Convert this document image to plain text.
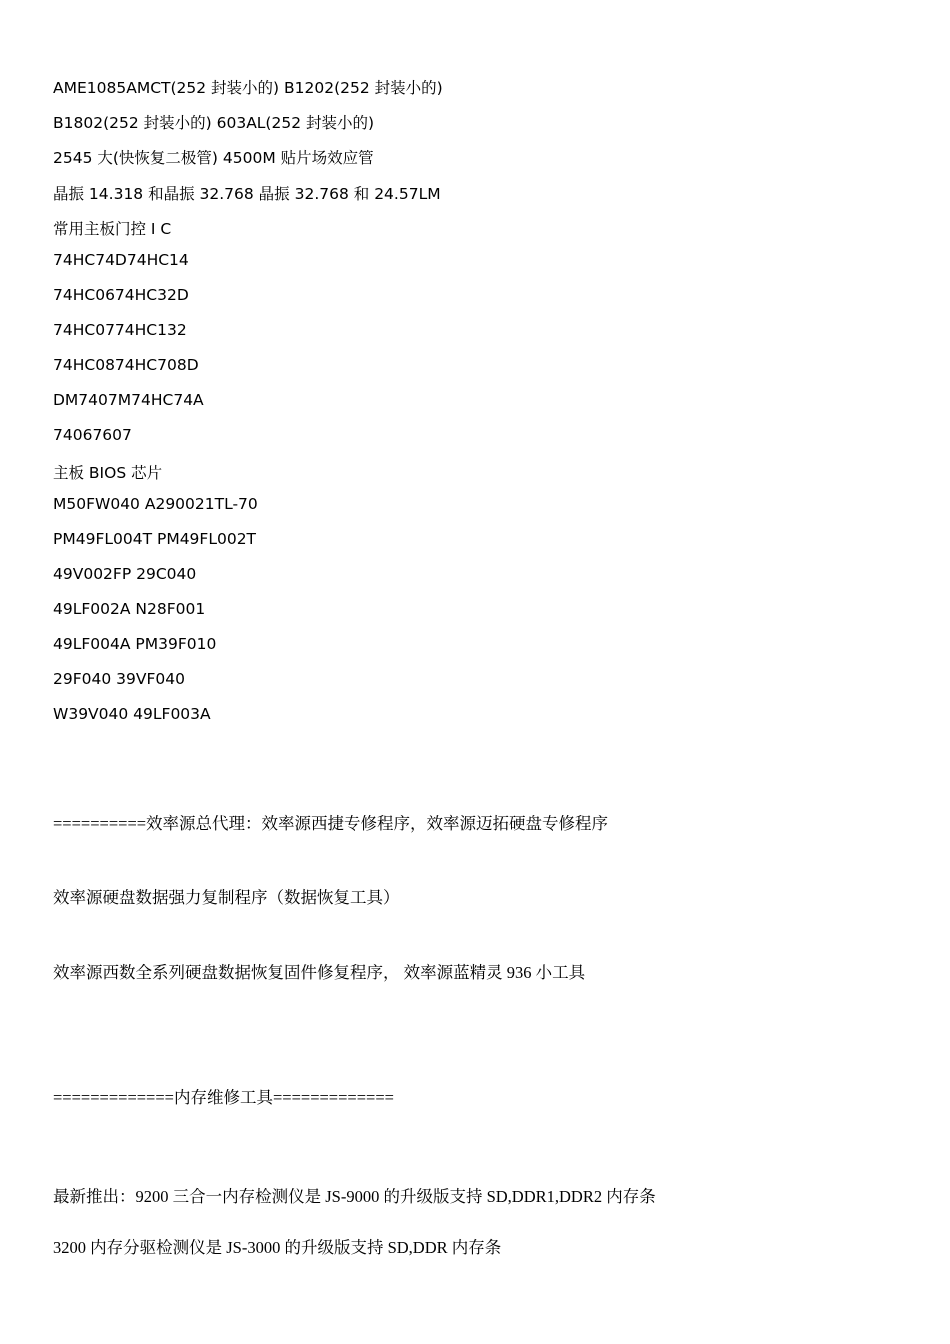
AME1085AMCT(252 封装小的) B1202(252 封装小的)
B1802(252 封装小的) 603AL(252 封装小的)
2545 大(快恢复二极管) 4500M 贴片场效应管
晶振 14.318 和晶振 32.768 晶振 32.768 和 24.57LM
常用主板门控 I C
74HC74D74HC14
74HC0674HC32D
74HC0774HC132
74HC0874HC708D
DM7407M74HC74A
74067607
主板 BIOS 芯片
M50FW040 A290021TL-70
PM49FL004T PM49FL002T
49V002FP 29C040
49LF002A N28F001
49LF004A PM39F010
29F040 39VF040
W39V040 49LF003A
==========效率源总代理：效率源西捷专修程序，效率源迈拓硬盘专修程序
效率源硬盘数据强力复制程序（数据恢复工具）
效率源西数全系列硬盘数据恢复固件修复程序， 效率源蓝精灵 936 小工具
=============内存维修工具=============
最新推出：9200 三合一内存检测仪是 JS-9000 的升级版支持 SD,DDR1,DDR2 内存条
3200 内存分驱检测仪是 JS-3000 的升级版支持 SD,DDR 内存条
